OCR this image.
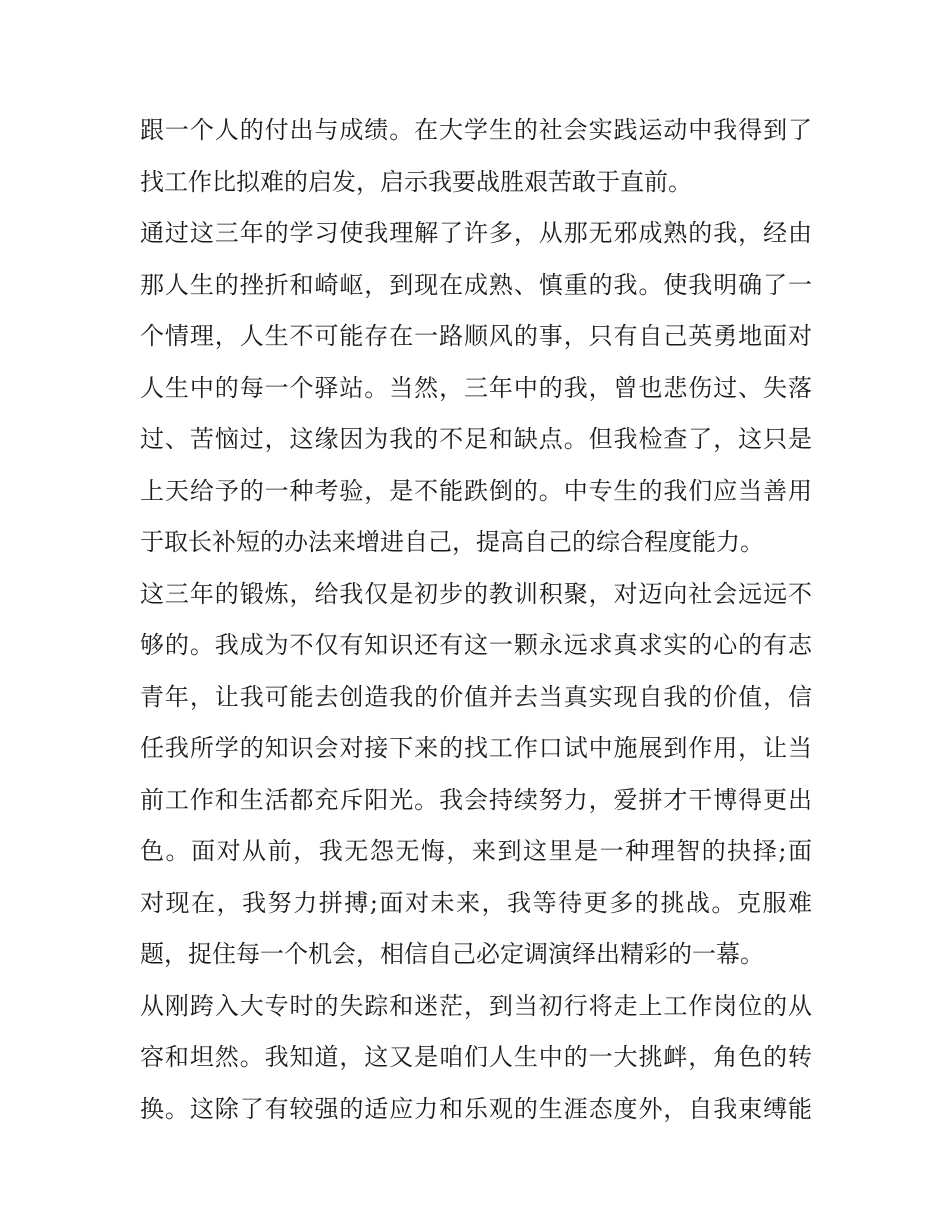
跟一个人的付出与成绩。在大学生的社会实践运动中我得到了
找工作比拟难的启发，启示我要战胜艰苦敢于直前。
通过这三年的学习使我理解了许多，从那无邪成熟的我，经由
那人生的挫折和崎岖，到现在成熟、慎重的我。使我明确了一
个情理，人生不可能存在一路顺风的事，只有自己英勇地面对
人生中的每一个驿站。当然，三年中的我，曾也悲伤过、失落
过、苦恼过，这缘因为我的不足和缺点。但我检查了，这只是
上天给予的一种考验，是不能跌倒的。中专生的我们应当善用
于取长补短的办法来增进自己，提高自己的综合程度能力。
这三年的锻炼，给我仅是初步的教训积聚，对迈向社会远远不
够的。我成为不仅有知识还有这一颗永远求真求实的心的有志
青年，让我可能去创造我的价值并去当真实现自我的价值，信
任我所学的知识会对接下来的找工作口试中施展到作用，让当
前工作和生活都充斥阳光。我会持续努力，爱拼才干博得更出
色。面对从前，我无怨无悔，来到这里是一种理智的抉择;面
对现在，我努力拼搏;面对未来，我等待更多的挑战。克服难
题，捉住每一个机会，相信自己必定调演绎出精彩的一幕。
从刚跨入大专时的失踪和迷茫，到当初行将走上工作岗位的从
容和坦然。我知道，这又是咱们人生中的一大挑衅，角色的转
换。这除了有较强的适应力和乐观的生涯态度外，自我束缚能
